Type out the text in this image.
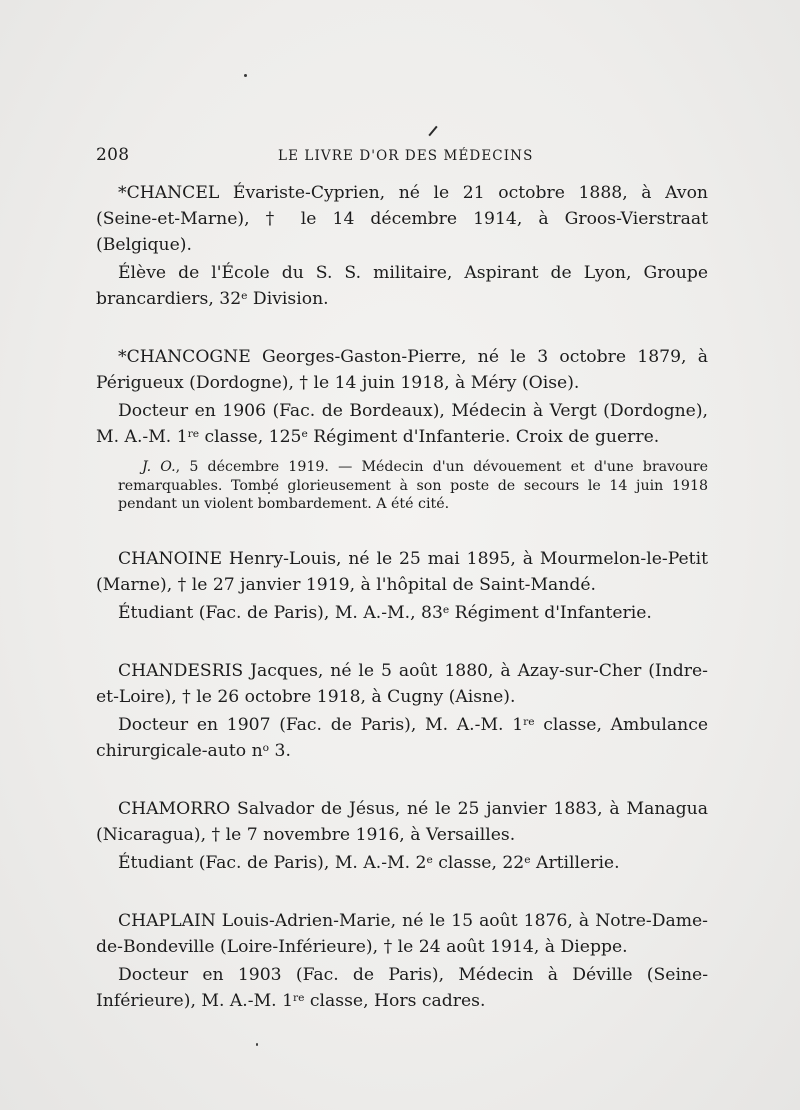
208	LE LIVRE D'OR DES MÉDECINS

*CHANCEL Évariste-Cyprien, né le 21 octobre 1888, à Avon (Seine-et-Marne), † le 14 décembre 1914, à Groos-Vierstraat (Belgique).

Élève de l'École du S. S. militaire, Aspirant de Lyon, Groupe brancardiers, 32e Division.

*CHANCOGNE Georges-Gaston-Pierre, né le 3 octobre 1879, à Périgueux (Dordogne), † le 14 juin 1918, à Méry (Oise).

Docteur en 1906 (Fac. de Bordeaux), Médecin à Vergt (Dordogne), M. A.-M. 1re classe, 125e Régiment d'Infanterie. Croix de guerre.

J. O., 5 décembre 1919. — Médecin d'un dévouement et d'une bravoure remarquables. Tombé glorieusement à son poste de secours le 14 juin 1918 pendant un violent bombardement. A été cité.

CHANOINE Henry-Louis, né le 25 mai 1895, à Mourmelon-le-Petit (Marne), † le 27 janvier 1919, à l'hôpital de Saint-Mandé.

Étudiant (Fac. de Paris), M. A.-M., 83e Régiment d'Infanterie.

CHANDESRIS Jacques, né le 5 août 1880, à Azay-sur-Cher (Indre-et-Loire), † le 26 octobre 1918, à Cugny (Aisne).

Docteur en 1907 (Fac. de Paris), M. A.-M. 1re classe, Ambulance chirurgicale-auto $n^o$ 3.

CHAMORRO Salvador de Jésus, né le 25 janvier 1883, à Managua (Nicaragua), † le 7 novembre 1916, à Versailles.

Étudiant (Fac. de Paris), M. A.-M. 2e classe, 22e Artillerie.

CHAPLAIN Louis-Adrien-Marie, né le 15 août 1876, à Notre-Dame-de-Bondeville (Loire-Inférieure), † le 24 août 1914, à Dieppe.

Docteur en 1903 (Fac. de Paris), Médecin à Déville (Seine-Inférieure), M. A.-M. 1re classe, Hors cadres.
